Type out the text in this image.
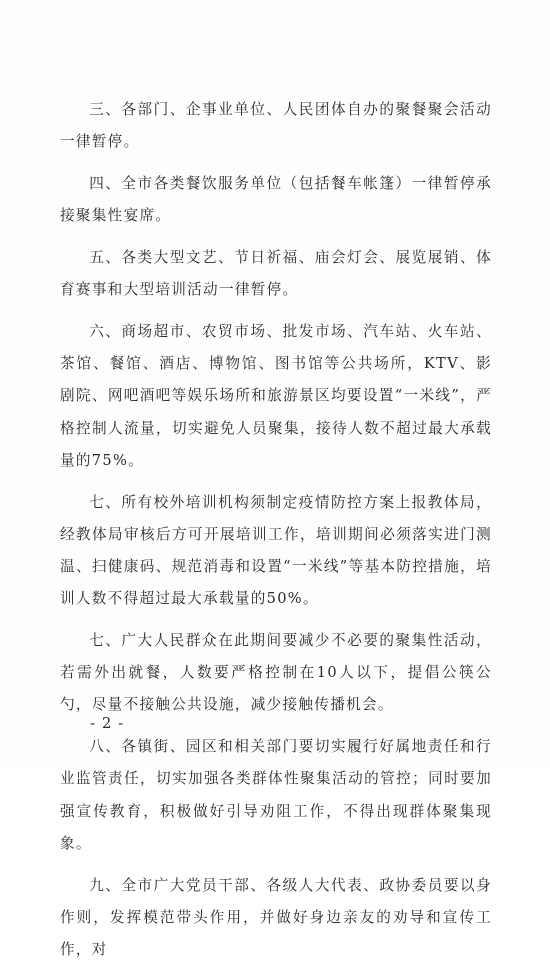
三、各部门、企事业单位、人民团体自办的聚餐聚会活动一律暂停。

四、全市各类餐饮服务单位（包括餐车帐篷）一律暂停承接聚集性宴席。

五、各类大型文艺、节日祈福、庙会灯会、展览展销、体育赛事和大型培训活动一律暂停。

六、商场超市、农贸市场、批发市场、汽车站、火车站、茶馆、餐馆、酒店、博物馆、图书馆等公共场所，KTV、影剧院、网吧酒吧等娱乐场所和旅游景区均要设置“一米线”，严格控制人流量，切实避免人员聚集，接待人数不超过最大承载量的75%。

七、所有校外培训机构须制定疫情防控方案上报教体局，经教体局审核后方可开展培训工作，培训期间必须落实进门测温、扫健康码、规范消毒和设置“一米线”等基本防控措施，培训人数不得超过最大承载量的50%。

七、广大人民群众在此期间要减少不必要的聚集性活动，若需外出就餐，人数要严格控制在10人以下，提倡公筷公勺，尽量不接触公共设施，减少接触传播机会。

八、各镇街、园区和相关部门要切实履行好属地责任和行业监管责任，切实加强各类群体性聚集活动的管控；同时要加强宣传教育，积极做好引导劝阻工作，不得出现群体聚集现象。

九、全市广大党员干部、各级人大代表、政协委员要以身作则，发挥模范带头作用，并做好身边亲友的劝导和宣传工作，对

- 2 -
